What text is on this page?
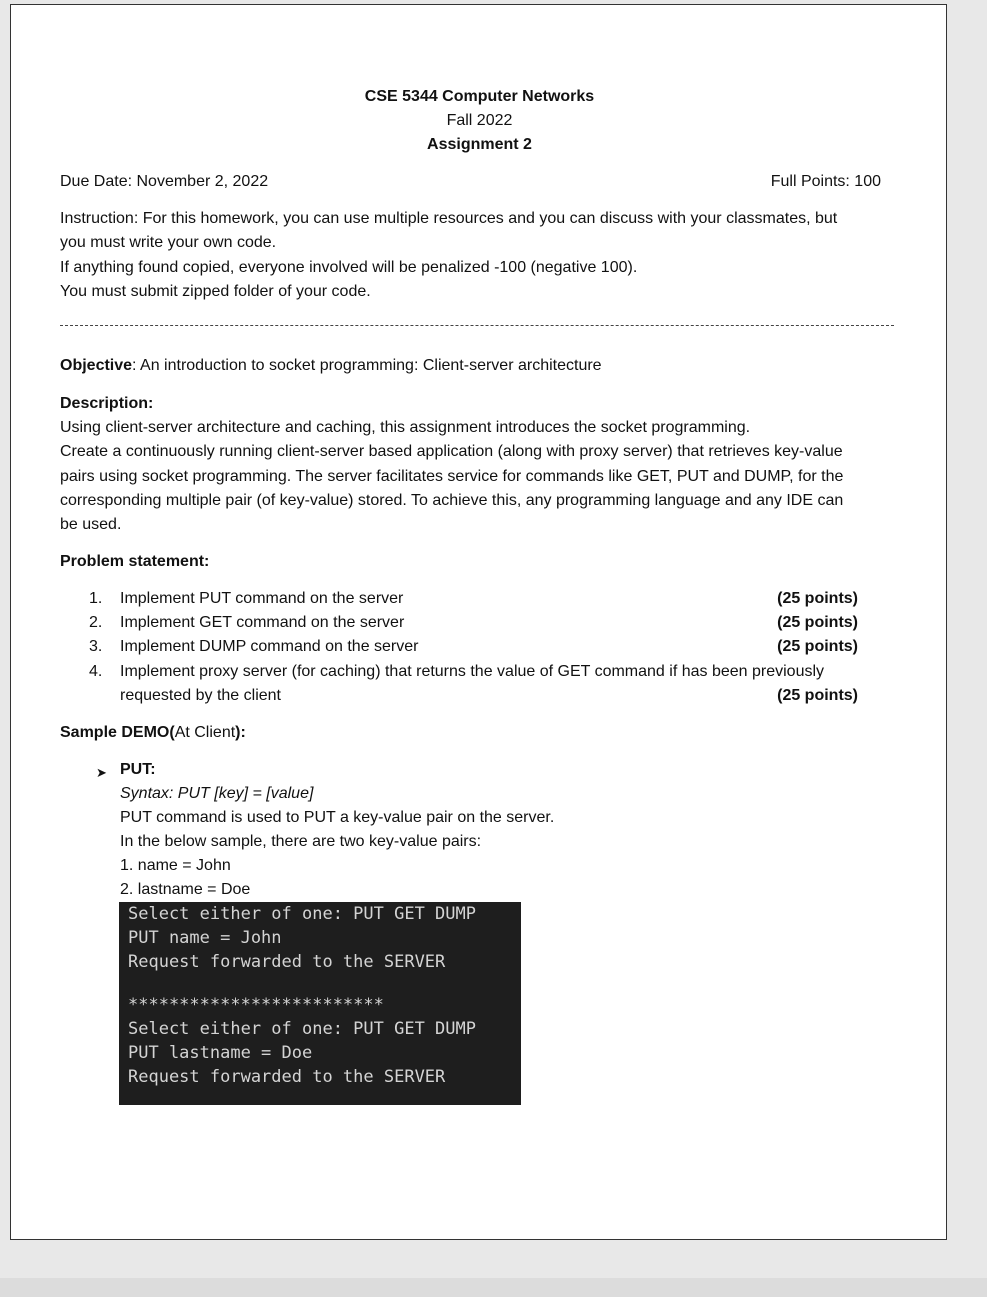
CSE 5344 Computer Networks
Fall 2022
Assignment 2
Due Date: November 2, 2022	Full Points: 100
Instruction: For this homework, you can use multiple resources and you can discuss with your classmates, but
you must write your own code.
If anything found copied, everyone involved will be penalized -100 (negative 100).
You must submit zipped folder of your code.
Objective: An introduction to socket programming: Client-server architecture
Description:
Using client-server architecture and caching, this assignment introduces the socket programming.
Create a continuously running client-server based application (along with proxy server) that retrieves key-value
pairs using socket programming. The server facilitates service for commands like GET, PUT and DUMP, for the
corresponding multiple pair (of key-value) stored. To achieve this, any programming language and any IDE can
be used.
Problem statement:
1.	Implement PUT command on the server	(25 points)
2.	Implement GET command on the server	(25 points)
3.	Implement DUMP command on the server	(25 points)
4.	Implement proxy server (for caching) that returns the value of GET command if has been previously
requested by the client	(25 points)
Sample DEMO(At Client):
➤ PUT:
Syntax: PUT [key] = [value]
PUT command is used to PUT a key-value pair on the server.
In the below sample, there are two key-value pairs:
1. name = John
2. lastname = Doe
Select either of one: PUT GET DUMP
PUT name = John
Request forwarded to the SERVER
*************************
Select either of one: PUT GET DUMP
PUT lastname = Doe
Request forwarded to the SERVER
